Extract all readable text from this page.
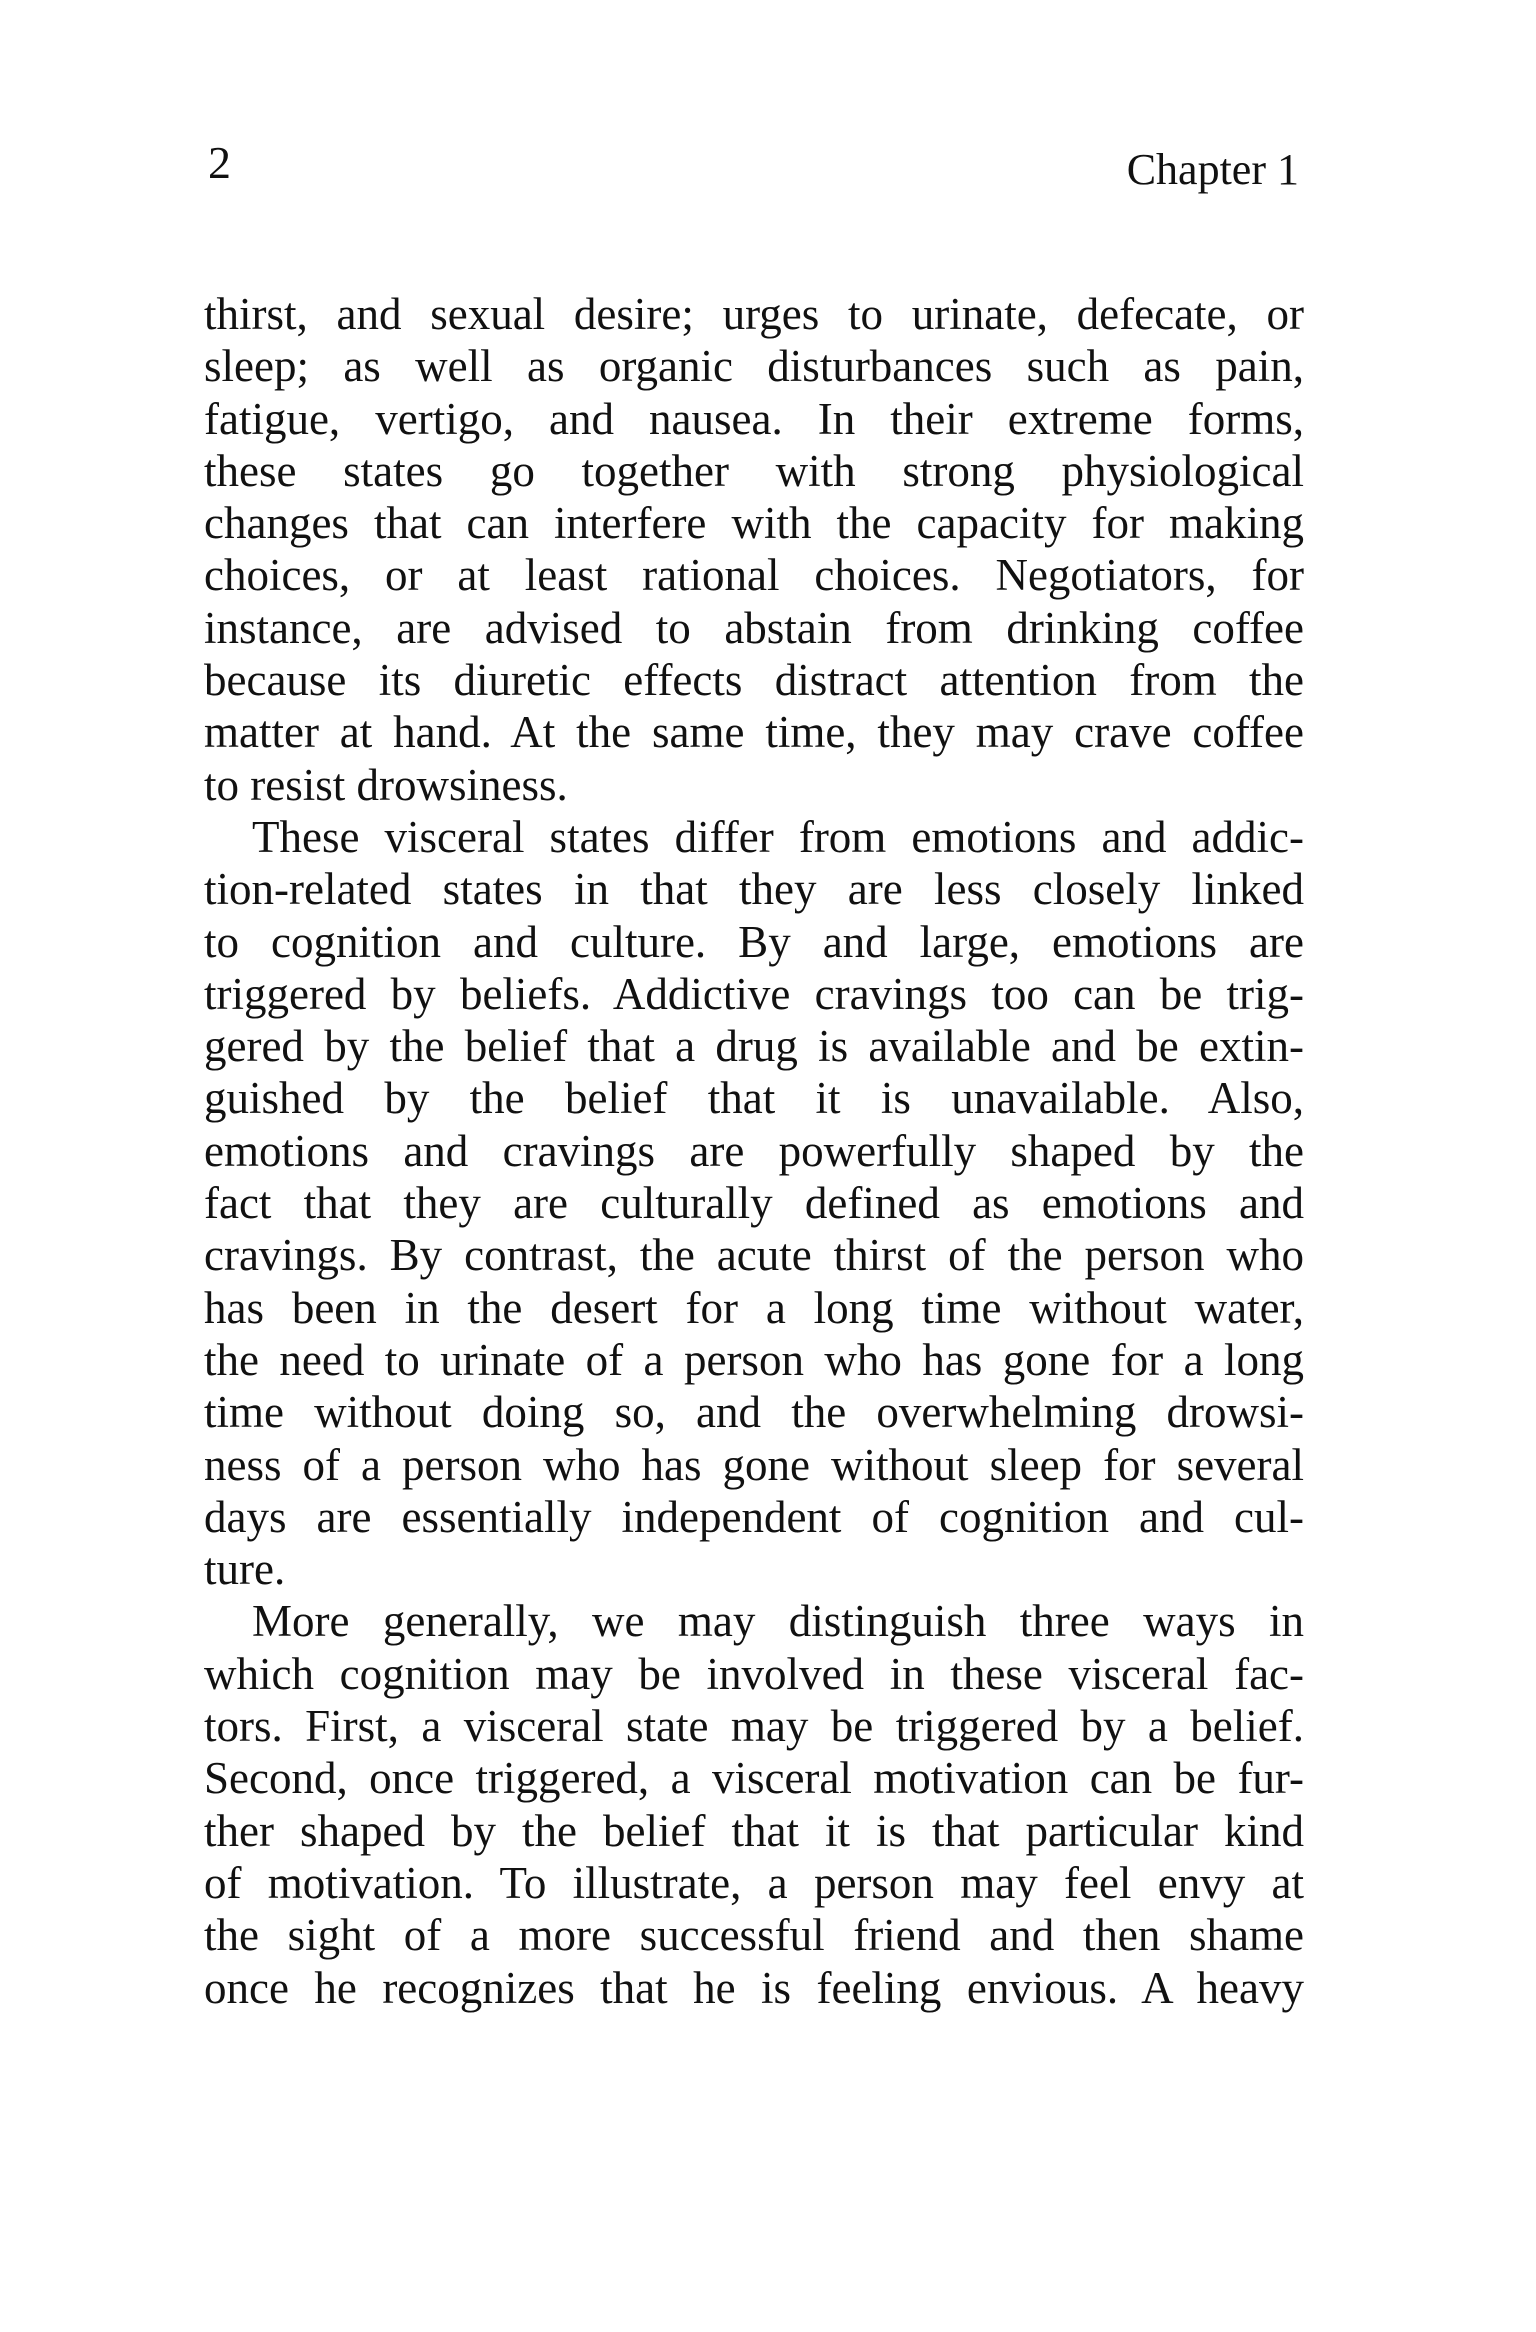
2	Chapter 1
thirst, and sexual desire; urges to urinate, defecate, or
sleep; as well as organic disturbances such as pain,
fatigue, vertigo, and nausea. In their extreme forms,
these states go together with strong physiological
changes that can interfere with the capacity for making
choices, or at least rational choices. Negotiators, for
instance, are advised to abstain from drinking coffee
because its diuretic effects distract attention from the
matter at hand. At the same time, they may crave coffee
to resist drowsiness.
These visceral states differ from emotions and addic-
tion-related states in that they are less closely linked
to cognition and culture. By and large, emotions are
triggered by beliefs. Addictive cravings too can be trig-
gered by the belief that a drug is available and be extin-
guished by the belief that it is unavailable. Also,
emotions and cravings are powerfully shaped by the
fact that they are culturally defined as emotions and
cravings. By contrast, the acute thirst of the person who
has been in the desert for a long time without water,
the need to urinate of a person who has gone for a long
time without doing so, and the overwhelming drowsi-
ness of a person who has gone without sleep for several
days are essentially independent of cognition and cul-
ture.
More generally, we may distinguish three ways in
which cognition may be involved in these visceral fac-
tors. First, a visceral state may be triggered by a belief.
Second, once triggered, a visceral motivation can be fur-
ther shaped by the belief that it is that particular kind
of motivation. To illustrate, a person may feel envy at
the sight of a more successful friend and then shame
once he recognizes that he is feeling envious. A heavy
